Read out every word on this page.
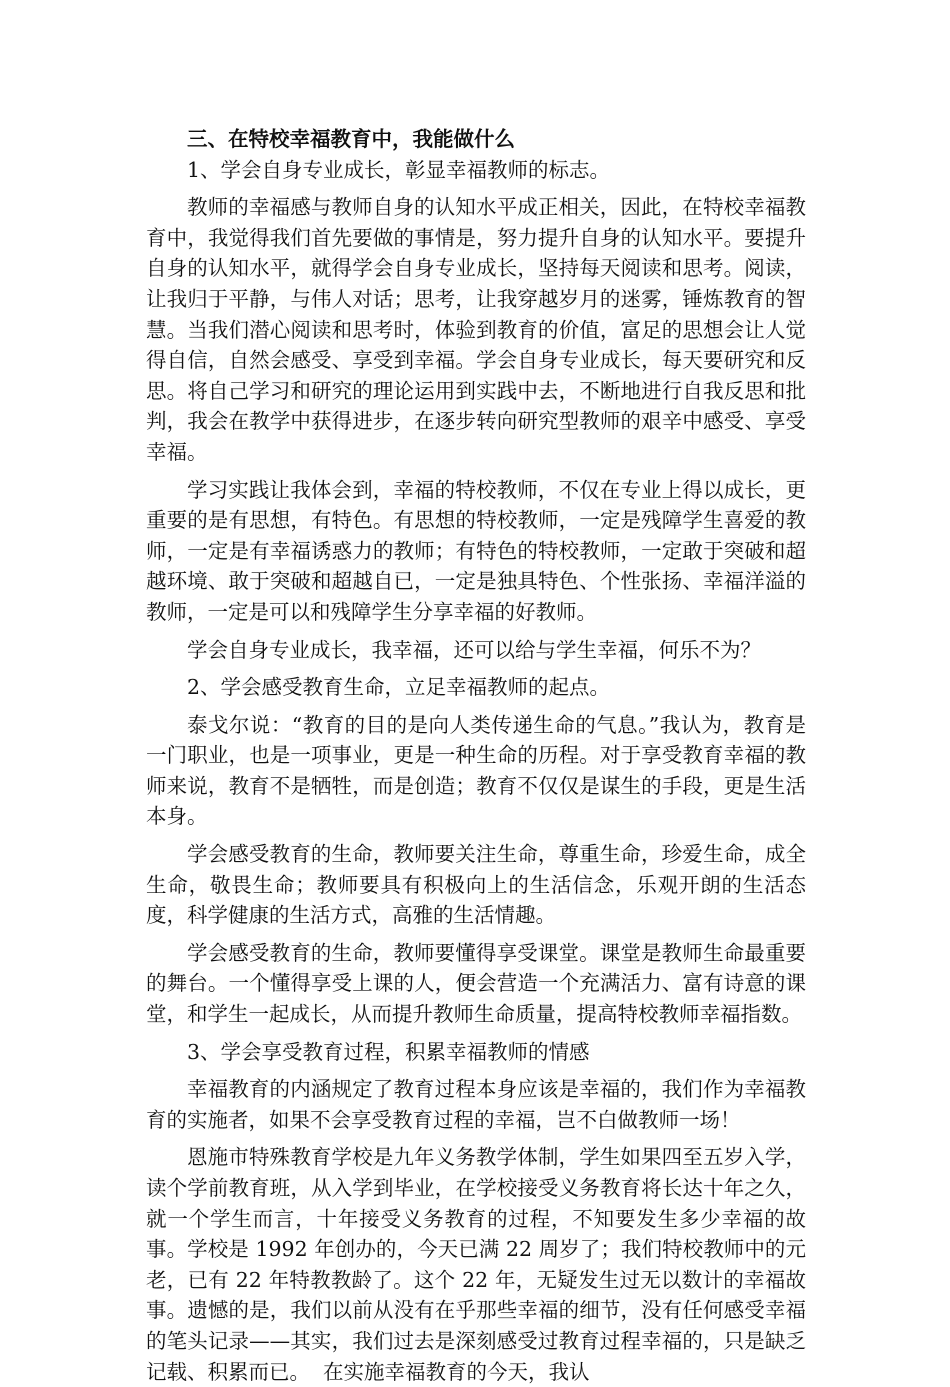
三、在特校幸福教育中，我能做什么

1、学会自身专业成长，彰显幸福教师的标志。

教师的幸福感与教师自身的认知水平成正相关，因此，在特校幸福教育中，我觉得我们首先要做的事情是，努力提升自身的认知水平。要提升自身的认知水平，就得学会自身专业成长，坚持每天阅读和思考。阅读，让我归于平静，与伟人对话；思考，让我穿越岁月的迷雾，锤炼教育的智慧。当我们潜心阅读和思考时，体验到教育的价值，富足的思想会让人觉得自信，自然会感受、享受到幸福。学会自身专业成长，每天要研究和反思。将自己学习和研究的理论运用到实践中去，不断地进行自我反思和批判，我会在教学中获得进步，在逐步转向研究型教师的艰辛中感受、享受幸福。

学习实践让我体会到，幸福的特校教师，不仅在专业上得以成长，更重要的是有思想，有特色。有思想的特校教师，一定是残障学生喜爱的教师，一定是有幸福诱惑力的教师；有特色的特校教师，一定敢于突破和超越环境、敢于突破和超越自已，一定是独具特色、个性张扬、幸福洋溢的教师，一定是可以和残障学生分享幸福的好教师。

学会自身专业成长，我幸福，还可以给与学生幸福，何乐不为？

2、学会感受教育生命，立足幸福教师的起点。

泰戈尔说：“教育的目的是向人类传递生命的气息。”我认为，教育是一门职业，也是一项事业，更是一种生命的历程。对于享受教育幸福的教师来说，教育不是牺牲，而是创造；教育不仅仅是谋生的手段，更是生活本身。

学会感受教育的生命，教师要关注生命，尊重生命，珍爱生命，成全生命，敬畏生命；教师要具有积极向上的生活信念，乐观开朗的生活态度，科学健康的生活方式，高雅的生活情趣。

学会感受教育的生命，教师要懂得享受课堂。课堂是教师生命最重要的舞台。一个懂得享受上课的人，便会营造一个充满活力、富有诗意的课堂，和学生一起成长，从而提升教师生命质量，提高特校教师幸福指数。

3、学会享受教育过程，积累幸福教师的情感

幸福教育的内涵规定了教育过程本身应该是幸福的，我们作为幸福教育的实施者，如果不会享受教育过程的幸福，岂不白做教师一场！

恩施市特殊教育学校是九年义务教学体制，学生如果四至五岁入学，读个学前教育班，从入学到毕业，在学校接受义务教育将长达十年之久，就一个学生而言，十年接受义务教育的过程，不知要发生多少幸福的故事。学校是 1992 年创办的，今天已满 22 周岁了；我们特校教师中的元老，已有 22 年特教教龄了。这个 22 年，无疑发生过无以数计的幸福故事。遗憾的是，我们以前从没有在乎那些幸福的细节，没有任何感受幸福的笔头记录——其实，我们过去是深刻感受过教育过程幸福的，只是缺乏记载、积累而已。  在实施幸福教育的今天，我认
